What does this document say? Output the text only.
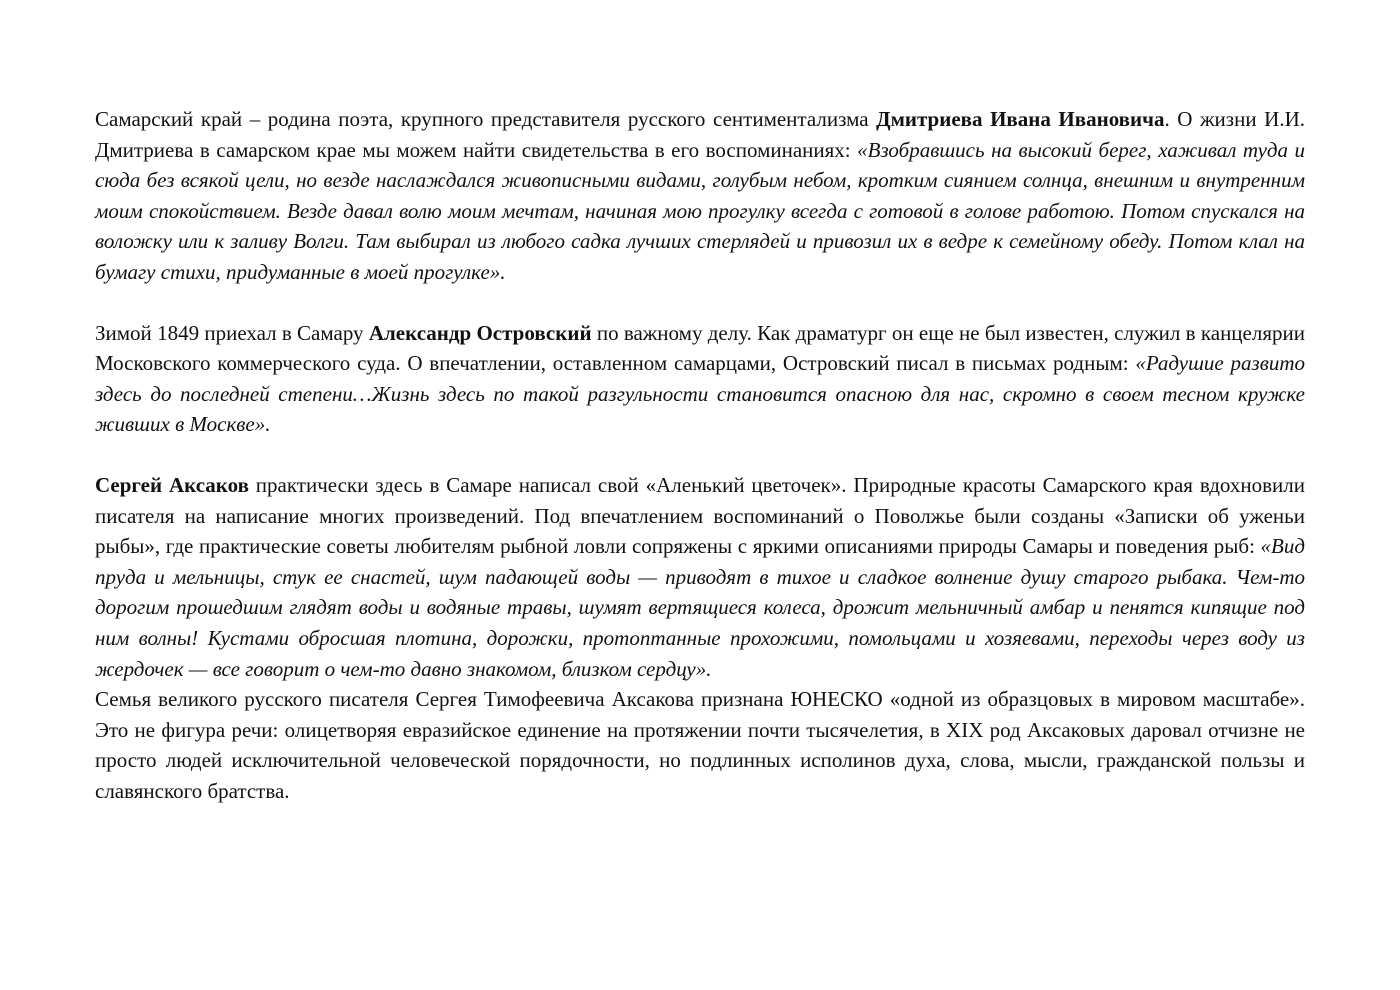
Самарский край – родина поэта, крупного представителя русского сентиментализма Дмитриева Ивана Ивановича. О жизни И.И. Дмитриева в самарском крае мы можем найти свидетельства в его воспоминаниях: «Взобравшись на высокий берег, хаживал туда и сюда без всякой цели, но везде наслаждался живописными видами, голубым небом, кротким сиянием солнца, внешним и внутренним моим спокойствием. Везде давал волю моим мечтам, начиная мою прогулку всегда с готовой в голове работою. Потом спускался на воложку или к заливу Волги. Там выбирал из любого садка лучших стерлядей и привозил их в ведре к семейному обеду. Потом клал на бумагу стихи, придуманные в моей прогулке».

Зимой 1849 приехал в Самару Александр Островский по важному делу. Как драматург он еще не был известен, служил в канцелярии Московского коммерческого суда. О впечатлении, оставленном самарцами, Островский писал в письмах родным: «Радушие развито здесь до последней степени…Жизнь здесь по такой разгульности становится опасною для нас, скромно в своем тесном кружке живших в Москве».

Сергей Аксаков практически здесь в Самаре написал свой «Аленький цветочек». Природные красоты Самарского края вдохновили писателя на написание многих произведений. Под впечатлением воспоминаний о Поволжье были созданы «Записки об уженьи рыбы», где практические советы любителям рыбной ловли сопряжены с яркими описаниями природы Самары и поведения рыб: «Вид пруда и мельницы, стук ее снастей, шум падающей воды — приводят в тихое и сладкое волнение душу старого рыбака. Чем-то дорогим прошедшим глядят воды и водяные травы, шумят вертящиеся колеса, дрожит мельничный амбар и пенятся кипящие под ним волны! Кустами обросшая плотина, дорожки, протоптанные прохожими, помольцами и хозяевами, переходы через воду из жердочек — все говорит о чем-то давно знакомом, близком сердцу».

Семья великого русского писателя Сергея Тимофеевича Аксакова признана ЮНЕСКО «одной из образцовых в мировом масштабе». Это не фигура речи: олицетворяя евразийское единение на протяжении почти тысячелетия, в XIX род Аксаковых даровал отчизне не просто людей исключительной человеческой порядочности, но подлинных исполинов духа, слова, мысли, гражданской пользы и славянского братства.
